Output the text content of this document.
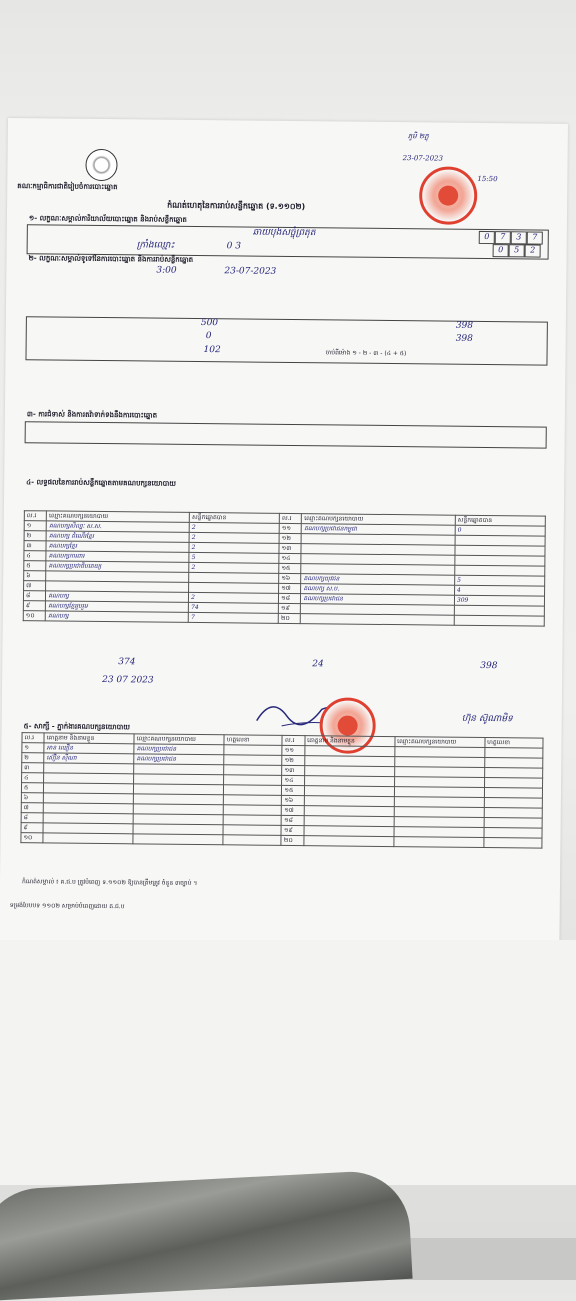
គណៈកម្មាធិការជាតិរៀបចំការបោះឆ្នោត
ភូមិ ២ភ្លុ
23-07-2023
15:50
កំណត់ហេតុនៃការរាប់សន្លឹកឆ្នោត (ទ.១១០២)
១- លក្ខណៈសម្គាល់ការិយាល័យបោះឆ្នោត និងរាប់សន្លឹកឆ្នោត
ឆាយបុងសច្ចុំព្រតុត
ក្រាំងឈ្មោះ	0 3
0	7	3	7
0	5	2
២- លក្ខណៈសម្គាល់ទូទៅនៃការបោះឆ្នោត និងការរាប់សន្លឹកឆ្នោត
3:00	23-07-2023
500	398
0	398
102	ចាប់ពីម៉ោង ១ - ២ - ៣ - (៤ + ៥)
៣- ការជំទាស់ និងការតវ៉ាទាក់ទងនឹងការបោះឆ្នោត
៤- លទ្ធផលនៃការរាប់សន្លឹកឆ្នោតតាមគណបក្សនយោបាយ
ល.រ	ឈ្មោះគណបក្សនយោបាយ	សន្លឹកឆ្នោតបាន	ល.រ	ឈ្មោះគណបក្សនយោបាយ	សន្លឹកឆ្នោតបាន
១	គណបក្សសិល្បៈ ស.ស.	2	១១	គណបក្សប្រជាជនកម្ពុជា	0
២	គណបក្ស ដំណើរខ្មែរ	2	១២		
៣	គណបក្សខ្មែរ	2	១៣		
៤	គណបក្សការពារ	5	១៤		
៥	គណបក្សប្រជាធិបតេយ្យ	2	១៥		
៦			១៦	គណបក្សយុវជន	5
៧			១៧	គណបក្ស ស.ប.	4
៨	គណបក្ស	2	១៨	គណបក្សប្រជាជន	309
៩	គណបក្សខ្មែររួបរួម	74	១៩		
១០	គណបក្ស	7	២០		
374	24	398
23 07 2023
ហ៊ុន ស៊ូណាមិទ
៥- សាក្សី - ភ្នាក់ងារគណបក្សនយោបាយ
ល.រ	គោត្តនាម និងនាមខ្លួន	ឈ្មោះគណបក្សនយោបាយ	ហត្ថលេខា	ល.រ	គោត្តនាម និងនាមខ្លួន	ឈ្មោះគណបក្សនយោបាយ	ហត្ថលេខា
១	អាន ឈឿន	គណបក្សប្រជាជន		១១			
២	ស៊ឿន ស៊ីណា	គណបក្សប្រជាជន		១២			
៣				១៣			
៤				១៤			
៥				១៥			
៦				១៦			
៧				១៧			
៨				១៨			
៩				១៩			
១០				២០			
កំណត់សម្គាល់ ៖ គ.ជ.ប ត្រូវបំពេញ ទ.១១០២ ឱ្យបានត្រឹមត្រូវ ចំនួន ៣ច្បាប់ ។
ទម្រង់បែបបទ ១១០២ សម្រាប់បំពេញដោយ គ.ជ.ប
